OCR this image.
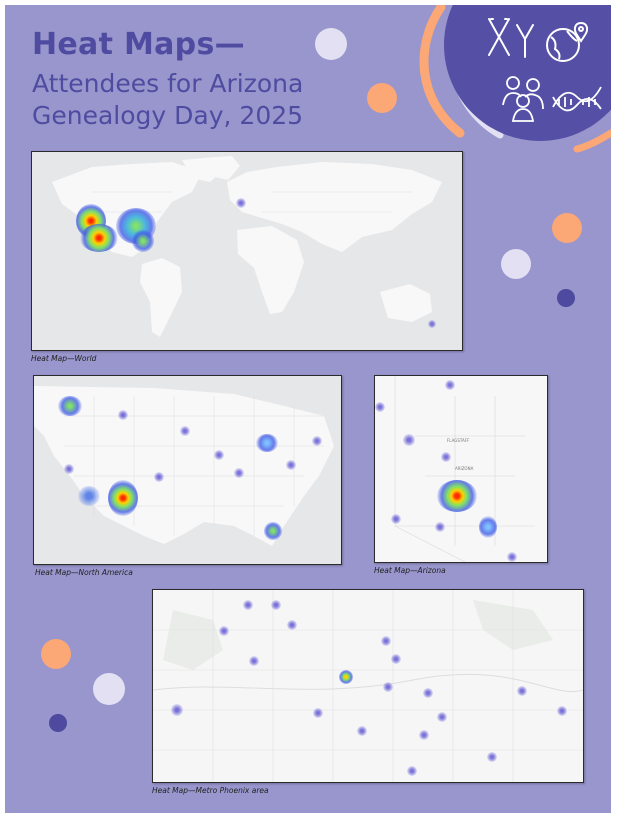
Heat Maps—
Attendees for Arizona
Genealogy Day, 2025
Heat Map—World
Heat Map—North America
FLAGSTAFF
ARIZONA
Heat Map—Arizona
Heat Map—Metro Phoenix area
